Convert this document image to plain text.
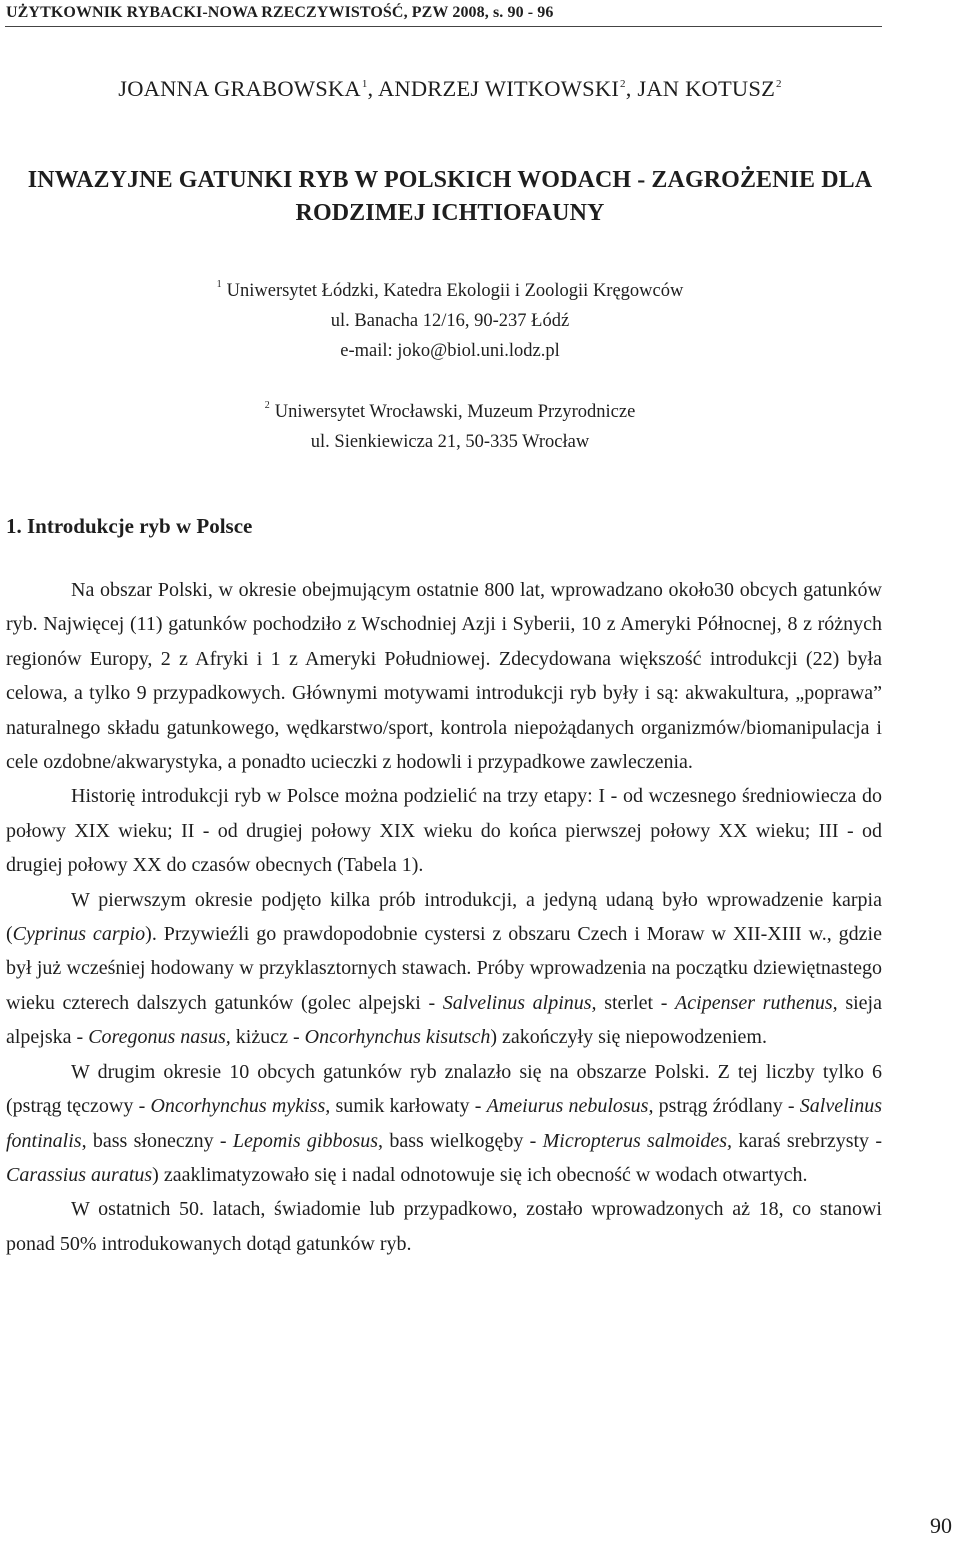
UŻYTKOWNIK RYBACKI-NOWA RZECZYWISTOŚĆ, PZW 2008, s. 90 - 96
JOANNA GRABOWSKA$^1$, ANDRZEJ WITKOWSKI$^2$, JAN KOTUSZ$^2$
INWAZYJNE GATUNKI RYB W POLSKICH WODACH - ZAGROŻENIE DLA
RODZIMEJ ICHTIOFAUNY
$^1$ Uniwersytet Łódzki, Katedra Ekologii i Zoologii Kręgowców
ul. Banacha 12/16, 90-237 Łódź
e-mail: joko@biol.uni.lodz.pl
$^2$ Uniwersytet Wrocławski, Muzeum Przyrodnicze
ul. Sienkiewicza 21, 50-335 Wrocław
1. Introdukcje ryb w Polsce

Na obszar Polski, w okresie obejmującym ostatnie 800 lat, wprowadzano około30 obcych gatunków ryb. Najwięcej (11) gatunków pochodziło z Wschodniej Azji i Syberii, 10 z Ameryki Północnej, 8 z różnych regionów Europy, 2 z Afryki i 1 z Ameryki Południowej. Zdecydowana większość introdukcji (22) była celowa, a tylko 9 przypadkowych. Głównymi motywami introdukcji ryb były i są: akwakultura, „poprawa” naturalnego składu gatunkowego, wędkarstwo/sport, kontrola niepożądanych organizmów/biomanipulacja i cele ozdobne/akwarystyka, a ponadto ucieczki z hodowli i przypadkowe zawleczenia.

Historię introdukcji ryb w Polsce można podzielić na trzy etapy: I - od wczesnego średniowiecza do połowy XIX wieku; II - od drugiej połowy XIX wieku do końca pierwszej połowy XX wieku; III - od drugiej połowy XX do czasów obecnych (Tabela 1).

W pierwszym okresie podjęto kilka prób introdukcji, a jedyną udaną było wprowadzenie karpia (Cyprinus carpio). Przywieźli go prawdopodobnie cystersi z obszaru Czech i Moraw w XII-XIII w., gdzie był już wcześniej hodowany w przyklasztornych stawach. Próby wprowadzenia na początku dziewiętnastego wieku czterech dalszych gatunków (golec alpejski - Salvelinus alpinus, sterlet - Acipenser ruthenus, sieja alpejska - Coregonus nasus, kiżucz - Oncorhynchus kisutsch) zakończyły się niepowodzeniem.

W drugim okresie 10 obcych gatunków ryb znalazło się na obszarze Polski. Z tej liczby tylko 6 (pstrąg tęczowy - Oncorhynchus mykiss, sumik karłowaty - Ameiurus nebulosus, pstrąg źródlany - Salvelinus fontinalis, bass słoneczny - Lepomis gibbosus, bass wielkogęby - Micropterus salmoides, karaś srebrzysty - Carassius auratus) zaaklimatyzowało się i nadal odnotowuje się ich obecność w wodach otwartych.

W ostatnich 50. latach, świadomie lub przypadkowo, zostało wprowadzonych aż 18, co stanowi ponad 50% introdukowanych dotąd gatunków ryb.

90
